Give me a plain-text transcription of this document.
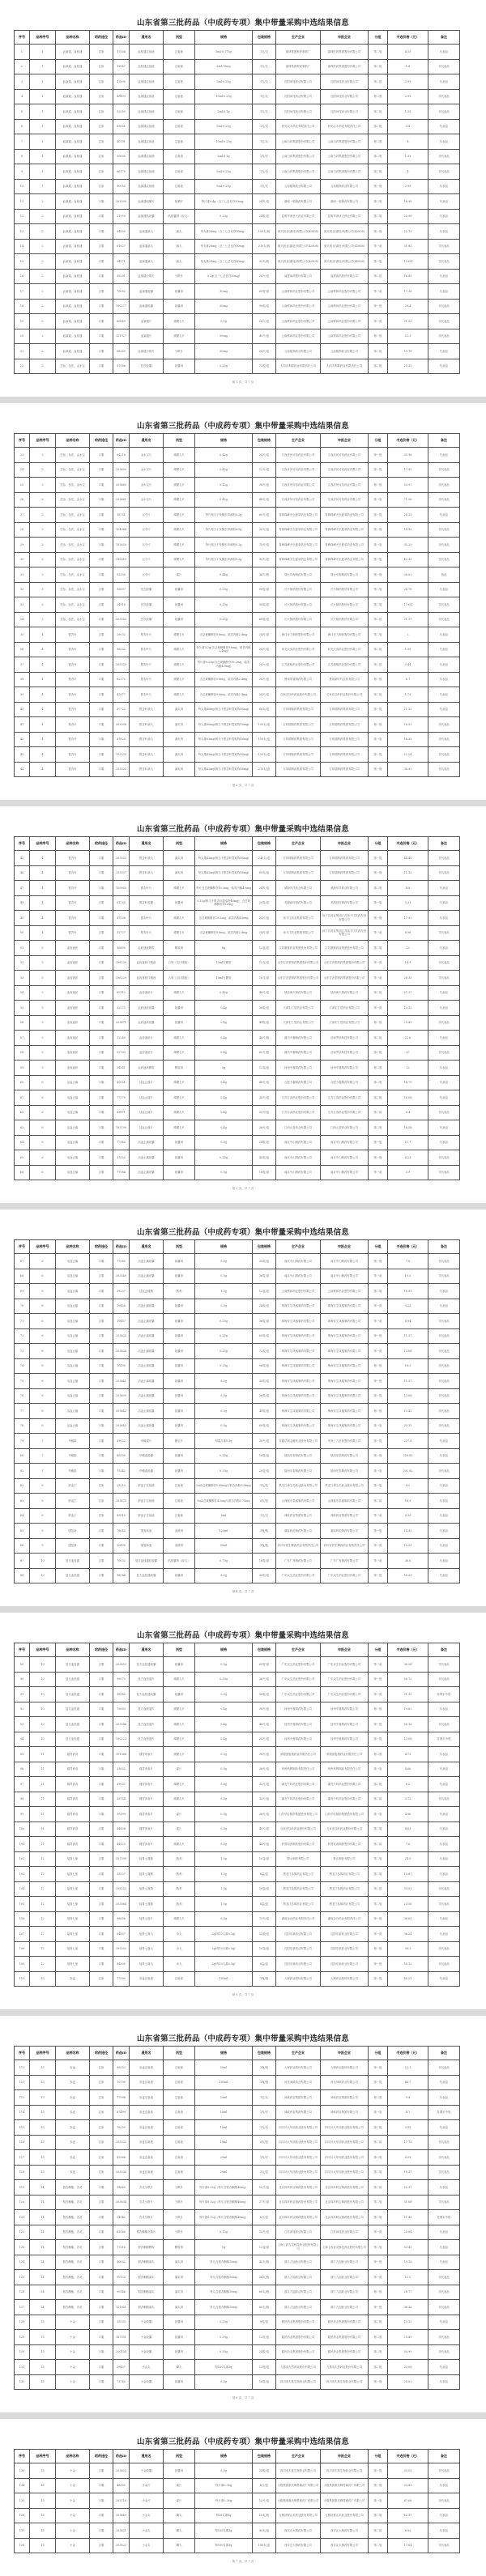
山东省第三批药品（中成药专项）集中带量采购中选结果信息
序号	品种序号	品种名称	给药途径	药品ID	通用名	剂型	规格	包装规格	生产企业	申报企业	分组	中选价格（元）	备注
1	1	血塞通、血栓通	注射	17504	血栓通注射液	注射液	5ml:0.175g	1支/支	丽珠集团利民制药厂	丽珠医药集团股份有限公司	第二组	4.15	代表品
2	1	血塞通、血栓通	注射	19047	血栓通注射液	注射液	2ml:70mg	1支/支	丽珠集团利民制药厂	丽珠医药集团股份有限公司	第二组	1.6	非代表品
3	1	血塞通、血栓通	注射	47895	血塞通注射液	注射液	5ml:0.25g	1支/支	沈阳神龙药业有限公司	沈阳神龙药业有限公司	第二组	2.99	代表品
4	1	血塞通、血栓通	注射	49499	血塞通注射液	注射液	10ml:0.25g	1支/支	沈阳神龙药业有限公司	沈阳神龙药业有限公司	第二组	2.99	非代表品
5	1	血塞通、血栓通	注射	52559	血塞通注射液	注射液	2ml:0.1g	1支/支	沈阳神龙药业有限公司	沈阳神龙药业有限公司	第二组	1.33	非代表品
6	1	血塞通、血栓通	注射	89651	血塞通注射液	注射液	5ml:0.25g	1支/支	西安汉丰药业有限责任公司	西安汉丰药业有限责任公司	第二组	3.4	代表品
7	1	血塞通、血栓通	注射	40191	血塞通注射液	注射液	10ml:0.25g	1支/支	云南白药集团股份有限公司	云南白药集团股份有限公司	第二组	4	代表品
8	1	血塞通、血栓通	注射	50695	血塞通注射液	注射液	2ml:0.1g	1支/支	云南白药集团股份有限公司	云南白药集团股份有限公司	第二组	1.33	非代表品
9	1	血塞通、血栓通	注射	66170	血塞通注射液	注射液	5ml:0.25g	1支/支	云南白药集团股份有限公司	云南白药集团股份有限公司	第二组	4	非代表品
10	1	血塞通、血栓通	注射	90053	血塞通注射液	注射液	5ml:0.25g	1支/支	云南植物药业有限公司	云南植物药业有限公司	第一组	2.99	代表品
11	2	血塞通、血栓通	口服	203599	血塞通咀嚼片	咀嚼片	每片重0.4g（含三七总皂苷50mg）	24片/盒	湖南一格制药有限公司	湖南一格制药有限公司	第二组	16.98	代表品
12	2	血塞通、血栓通	口服	21959	血塞通软胶囊	软胶囊剂（胶丸）	0.33g	24粒/盒	昆明华润圣火药业有限公司	昆明华润圣火药业有限公司	第二组	25.98	代表品
13	2	血塞通、血栓通	口服	94509	血塞通滴丸	滴丸	每丸重28mg（含三七总皂苷10mg）	150丸/瓶	朗天药业(湖北)有限公司(42808)	朗天药业(湖北)有限公司(42808)	第一组	22.73	代表品
14	2	血塞通、血栓通	口服	61627	血塞通滴丸	滴丸	每丸重28mg（含三七总皂苷10mg）	210丸/瓶	朗天药业(湖北)有限公司(42808)	朗天药业(湖北)有限公司(42808)	第一组	31.82	非代表品
15	2	血塞通、血栓通	口服	94571	血塞通滴丸	滴丸	每丸重28mg（含三七总皂苷10mg）	90丸/瓶	朗天药业(湖北)有限公司(42808)	朗天药业(湖北)有限公司(42808)	第一组	13.64	非代表品
16	2	血塞通、血栓通	口服	99291	血塞通分散片	分散片	0.2g(含三七总皂苷50mg)	24片/盒	福建南药股份有限公司	福建南药股份有限公司	第二组	16.85	代表品
17	2	血塞通、血栓通	口服	79052	血塞通胶囊	胶囊剂	10mg	60粒/盒	云南维和药业股份有限公司	云南维和药业股份有限公司	第一组	17.38	代表品
18	2	血塞通、血栓通	口服	190277	血塞通胶囊	胶囊剂	50mg	90粒/盒	云南维和药业股份有限公司	云南维和药业股份有限公司	第一组	28.4	非代表品
19	2	血塞通、血栓通	口服	60649	血塞通片	薄膜衣片	0.1g	24片/盒	云南维和药业股份有限公司	云南维和药业股份有限公司	第一组	21.29	非代表品
20	2	血塞通、血栓通	口服	131927	血塞通片	薄膜衣片	50mg	40片/盒	云南维和药业股份有限公司	云南维和药业股份有限公司	第一组	21.3	非代表品
21	2	血塞通、血栓通	口服	68259	血塞通分散片	分散片	50mg	24片/盒	云南植物药业有限公司	云南植物药业有限公司	第二组	19.78	代表品
22	3	芪参、参芪、金水宝	口服	97086	芪芪胶囊	胶囊剂	0.25g	72粒/盒	大同市利群药业有限责任公司	大同市利群药业有限责任公司	第二组	25.33	代表品
第 1 页，共 7 页
山东省第三批药品（中成药专项）集中带量采购中选结果信息
序号	品种序号	品种名称	给药途径	药品ID	通用名	剂型	规格	包装规格	生产企业	申报企业	分组	中选价格（元）	备注
23	3	芪参、参芪、金水宝	口服	84218	金水宝片	薄膜衣片	0.42g	24片/盒	江西济民可信药业有限公司	江西济民可信药业有限公司	第一组	35.98	代表品
24	3	芪参、参芪、金水宝	口服	203659	金水宝片	薄膜衣片	0.42g	12片/盒	江西济民可信药业有限公司	江西济民可信药业有限公司	第一组	17.99	非代表品
25	3	芪参、参芪、金水宝	口服	203660	金水宝片	薄膜衣片	0.42g	36片/盒	江西济民可信药业有限公司	江西济民可信药业有限公司	第一组	53.97	非代表品
26	3	芪参、参芪、金水宝	口服	203661	金水宝片	薄膜衣片	0.42g	48片/盒	江西济民可信药业有限公司	江西济民可信药业有限公司	第一组	71.96	非代表品
27	3	芪参、参芪、金水宝	口服	18751	百令片	薄膜衣片	每片相当于发酵虫草菌粉0.2g	60片/盒	青海珠峰冬虫夏草药业有限公司	青海珠峰冬虫夏草药业有限公司	第一组	28.23	代表品
28	3	芪参、参芪、金水宝	口服	104364	百令片	薄膜衣片	每片相当于发酵虫草菌粉0.2g	30片/盒	青海珠峰冬虫夏草药业有限公司	青海珠峰冬虫夏草药业有限公司	第一组	14.12	非代表品
29	3	芪参、参芪、金水宝	口服	192659	百令片	薄膜衣片	每片相当于发酵虫草菌粉0.2g	75片/盒	青海珠峰冬虫夏草药业有限公司	青海珠峰冬虫夏草药业有限公司	第一组	35.29	非代表品
30	3	芪参、参芪、金水宝	口服	193013	百令片	薄膜衣片	每片相当于发酵虫草菌粉0.2g	90片/盒	青海珠峰冬虫夏草药业有限公司	青海珠峰冬虫夏草药业有限公司	第一组	42.35	非代表品
31	3	芪参、参芪、金水宝	口服	92500	百令片	素片	0.44g	36片/瓶	烟台华海制药有限公司	烟台华海制药有限公司	第一组	26.02	备选
32	3	芪参、参芪、金水宝	口服	95697	芪芪胶囊	胶囊剂	0.25g	50粒/盒	长兴制药股份有限公司	长兴制药股份有限公司	第二组	24.76	代表品
33	3	芪参、参芪、金水宝	口服	24918	芪芪胶囊	胶囊剂	0.25g	50粒/盒	长兴制药股份有限公司	长兴制药股份有限公司	第二组	17.64	非代表品
34	3	芪参、参芪、金水宝	口服	203553	芪芪胶囊	胶囊剂	0.25g	60粒/盒	长兴制药股份有限公司	长兴制药股份有限公司	第二组	21.17	非代表品
35	4	银杏叶	口服	29032	银杏叶片	薄膜衣片	含总黄酮醇苷9.6mg、萜类内酯2.4mg	24片/盒	海口市力制药股份有限公司	海口市力制药股份有限公司	第二组	2	代表品
36	4	银杏叶	口服	56232	银杏叶片	薄膜衣片	每片重0.2g(含总黄酮醇苷9.6mg、萜类内酯2.4mg)	24片/盒	河北天成药业股份有限公司	河北天成药业股份有限公司	第二组	1.99	代表品
37	4	银杏叶	口服	205520	银杏叶片	薄膜衣片	每片重0.25g(含总黄酮醇苷19.2mg、萜类内酯4.8mg)	24片/盒	江苏康缘药业股份有限公司	江苏康缘药业股份有限公司	第二组	2.44	代表品
38	4	银杏叶	口服	62372	银杏叶片	薄膜衣片	含总黄酮醇苷9.6mg、萜类内酯2.4mg	24片/盒	鲁南厚普制药有限公司	鲁南新时代医药有限公司	第一组	6.7	代表品
39	4	银杏叶	口服	47077	银杏叶片	薄膜衣片	含总黄酮醇苷9.6mg、萜类内酯2.4mg	24片/盒	石家庄以岭药业股份有限公司	石家庄以岭药业股份有限公司	第二组	1.73	代表品
40	4	银杏叶	口服	37722	银杏叶滴丸	滴丸剂	每丸重60mg(相当于银杏叶提取物16mg)	60丸/盒	万邦德制药集团有限公司	万邦德制药集团有限公司	第一组	11.12	代表品
41	4	银杏叶	口服	203098	银杏叶滴丸	滴丸剂	每丸重60mg(相当于银杏叶提取物16mg)	150丸/盒	万邦德制药集团有限公司	万邦德制药集团有限公司	第一组	16.53	非代表品
42	4	银杏叶	口服	37820	银杏叶滴丸	滴丸剂	每丸重63mg(相当于银杏叶提取物16mg)	150丸/盒	万邦德制药集团有限公司	万邦德制药集团有限公司	第一组	16.53	非代表品
43	4	银杏叶	口服	192530	银杏叶滴丸	滴丸剂	每丸重63mg(相当于银杏叶提取物16mg)	120丸/盒	万邦德制药集团有限公司	万邦德制药集团有限公司	第一组	22.24	非代表品
44	4	银杏叶	口服	203502	银杏叶滴丸	滴丸剂	每丸重63mg(相当于银杏叶提取物16mg)	210丸/盒	万邦德制药集团有限公司	万邦德制药集团有限公司	第一组	38.92	非代表品
第 2 页，共 7 页
山东省第三批药品（中成药专项）集中带量采购中选结果信息
序号	品种序号	品种名称	给药途径	药品ID	通用名	剂型	规格	包装规格	生产企业	申报企业	分组	中选价格（元）	备注
45	4	银杏叶	口服	203503	银杏叶滴丸	滴丸剂	每丸重63mg(相当于银杏叶提取物16mg)	240丸/盒	万邦德制药集团有限公司	万邦德制药集团有限公司	第一组	44.48	非代表品
46	4	银杏叶	口服	203507	银杏叶滴丸	滴丸剂	每丸重63mg(相当于银杏叶提取物16mg)	60丸/盒	万邦德制药集团有限公司	万邦德制药集团有限公司	第一组	11.12	非代表品
47	4	银杏叶	口服	109955	银杏叶片	薄膜衣片	每片含总黄酮醇苷19.2mg、萜类内酯4.8mg	24片/盒	威海华洋药业有限公司	威海华洋药业有限公司	第二组	4.8	代表品
48	4	银杏叶	口服	81765	银杏叶胶囊	胶囊剂	0.12g(相当于银杏叶提取物40mg)，含总黄酮醇苷19.2mg	20粒/盒	芜湖绿叶制药有限公司	芜湖绿叶制药有限公司	第一组	5.31	代表品
49	4	银杏叶	口服	37538	银杏叶片	薄膜衣片	含总黄酮醇苷19.2mg、萜类内酯4.8mg	24片/盒	扬子江药业集团有限公司	扬子江药业集团江苏扬子江医药经营有限公司	第一组	17.92	代表品
50	4	银杏叶	口服	32727	银杏叶片	薄膜衣片	含总黄酮醇苷9.6mg、萜类内酯2.4mg	24片/盒	扬子江药业集团有限公司	扬子江药业集团江苏扬子江医药经营有限公司	第一组	8.96	非代表品
51	5	血府逐瘀	口服	16895	血府逐瘀颗粒	颗粒剂	6g	12袋/盒	江苏康缘药业集团股份有限公司	江苏康缘药业集团股份有限公司	第二组	23	代表品
52	5	血府逐瘀	口服	196239	血府逐瘀口服液	合剂（含口服液）	10ml无糖型	12支/盒	山东宏济堂制药集团股份有限公司	山东宏济堂制药集团股份有限公司	第一组	14.9	非代表品
53	5	血府逐瘀	口服	196229	血府逐瘀口服液	合剂（含口服液）	10ml无糖型	18支/盒	山东宏济堂制药集团股份有限公司	山东宏济堂制药集团股份有限公司	第一组	28.35	非代表品
54	5	血府逐瘀	口服	65112	血府逐瘀片	薄膜衣片	0.42g	48片/盒	陕西海天制药有限公司	陕西海天制药有限公司	第二组	27.27	代表品
55	5	血府逐瘀	口服	32272	血府逐瘀胶囊	胶囊剂	0.4g	36粒/盒	天津宏仁堂药业有限公司	天津宏仁堂药业有限公司	第一组	19.12	代表品
56	5	血府逐瘀	口服	203871	血府逐瘀胶囊	胶囊剂	0.4g	48粒/盒	天津宏仁堂药业有限公司	天津宏仁堂药业有限公司	第一组	25.49	非代表品
57	5	血府逐瘀	口服	32249	血府逐瘀片	薄膜衣片	0.4g	48片/瓶	潍坊中狮制药有限公司	济南罗欣科技有限公司	第二组	21.6	代表品
58	5	血府逐瘀	口服	92709	血府逐瘀片	薄膜衣片	0.4g	60片/瓶	潍坊中狮制药有限公司	济南罗欣科技有限公司	第二组	27	非代表品
59	5	血府逐瘀	口服	34241	血府逐瘀颗粒	颗粒剂	5g	12袋/盒	扬州中惠制药有限公司	扬州中惠制药有限公司	第二组	22	代表品
60	6	活血止痛	口服	80051	活血止痛片	薄膜衣片	0.4g	48片/盒	合肥今越制药有限公司	合肥今越制药有限公司	第二组	14.79	代表品
61	6	活血止痛	口服	77379	活血止痛片	薄膜衣片	0.4g	36片/盒	江苏万高药业股份有限公司	江苏万高药业股份有限公司	第二组	16.08	代表品
62	6	活血止痛	口服	38071	活血止痛片	薄膜衣片	0.4g	20片/盒	江苏万高药业股份有限公司	江苏万高药业股份有限公司	第二组	8.4	非代表品
63	6	活血止痛	口服	193799	活血止痛片	薄膜衣片	0.4g	36片/盒	江西山香药业有限公司	江西山香药业有限公司	第二组	16.58	代表品
64	6	活血止痛	口服	77143	活血止痛胶囊	胶囊剂	0.5g	24粒/盒	南京中山制药有限公司	南京中山制药有限公司	第一组	11.7	代表品
65	6	活血止痛	口服	37053	活血止痛胶囊	胶囊剂	0.25g	40粒/盒	南京中山制药有限公司	南京中山制药有限公司	第一组	6.23	非代表品
66	6	活血止痛	口服	77584	活血止痛胶囊	胶囊剂	0.5g	18粒/盒	南京中山制药有限公司	南京中山制药有限公司	第一组	3.9	非代表品
第 3 页，共 7 页
山东省第三批药品（中成药专项）集中带量采购中选结果信息
序号	品种序号	品种名称	给药途径	药品ID	通用名	剂型	规格	包装规格	生产企业	申报企业	分组	中选价格（元）	备注
67	6	活血止痛	口服	77585	活血止痛胶囊	胶囊剂	0.5g	30粒/盒	南京中山制药有限公司	南京中山制药有限公司	第一组	7.8	非代表品
68	6	活血止痛	口服	203549	活血止痛胶囊	胶囊剂	0.5g	36粒/盒	南京中山制药有限公司	南京中山制药有限公司	第一组	19.5	非代表品
69	6	活血止痛	口服	39207	活血止痛散	散剂	1.5g	12袋/盒	云南维和药业股份有限公司	云南维和药业股份有限公司	第二组	16.03	代表品
70	6	活血止痛	口服	19456	活血止痛胶囊	胶囊剂	0.5g	24粒/盒	珠海安生凤凰制药有限公司	珠海安生凤凰制药有限公司	第一组	9.25	代表品
71	6	活血止痛	口服	19457	活血止痛胶囊	胶囊剂	0.25g	36粒/盒	珠海安生凤凰制药有限公司	珠海安生凤凰制药有限公司	第一组	6.94	非代表品
72	6	活血止痛	口服	203635	活血止痛胶囊	胶囊剂	0.25g	60粒/盒	珠海安生凤凰制药有限公司	珠海安生凤凰制药有限公司	第一组	11.57	非代表品
73	6	活血止痛	口服	203636	活血止痛胶囊	胶囊剂	0.25g	72粒/盒	珠海安生凤凰制药有限公司	珠海安生凤凰制药有限公司	第一组	13.88	非代表品
74	6	活血止痛	口服	19490	活血止痛胶囊	胶囊剂	0.25g	96粒/盒	珠海安生凤凰制药有限公司	珠海安生凤凰制药有限公司	第一组	18.5	非代表品
75	6	活血止痛	口服	203641	活血止痛胶囊	胶囊剂	0.5g	30粒/盒	珠海安生凤凰制药有限公司	珠海安生凤凰制药有限公司	第一组	11.57	非代表品
76	6	活血止痛	口服	203639	活血止痛胶囊	胶囊剂	0.5g	36粒/盒	珠海安生凤凰制药有限公司	珠海安生凤凰制药有限公司	第一组	13.88	非代表品
77	6	活血止痛	口服	203642	活血止痛胶囊	胶囊剂	0.5g	40粒/盒	珠海安生凤凰制药有限公司	珠海安生凤凰制药有限公司	第一组	15.42	非代表品
78	6	活血止痛	口服	203643	活血止痛胶囊	胶囊剂	0.5g	60粒/盒	珠海安生凤凰制药有限公司	珠海安生凤凰制药有限公司	第一组	23.13	非代表品
79	7	华蟾素	口服	39032	华蟾素片	糖衣片	每素片重0.3g	30片/盒	安徽华润金蟾药业股份有限公司	华润三九医药股份有限公司	第一组	237.8	代表品
80	7	华蟾素	口服	80590	华蟾素胶囊	胶囊剂	0.25g	18粒/盒	陕西东泰制药有限公司	陕西东泰制药有限公司	第一组	228.83	代表品
81	7	华蟾素	口服	75542	华蟾素胶囊	胶囊剂	0.25g	20粒/盒	陕西东泰制药有限公司	陕西东泰制药有限公司	第一组	292.02	非代表品
82	8	舒血宁	注射	23213	舒血宁注射液	注射液	2ml:总黄酮醇苷1.68mg与银杏内酯0.28mg	1支/支	黑龙江珍宝岛药业股份有限公司	黑龙江珍宝岛药业股份有限公司	第一组	4.5	代表品
83	8	舒血宁	注射	203675	舒血宁注射液	注射液	5ml:总黄酮醇苷4.2mg与银杏内酯0.70mg	5支/盒	山西振东泰盛制药有限公司	山西振东泰盛制药有限公司	第二组	16.9	代表品
84	8	舒血宁	注射	85510	舒血宁注射液	注射液	5ml	1支/支	神威药业集团有限公司	神威药业集团有限公司	第一组	9.35	代表品
85	9	康复新	口服	78043	康复新液	溶液剂	120ml	1瓶/瓶	湖南科伦制药有限公司	湖南科伦制药有限公司	第一组	14.95	代表品
86	9	康复新	口服	20490	康复新液	溶液剂	50ml	1瓶/瓶	四川好医生攀西药业有限责任公司	四川好医生攀西药业有限责任公司	第一组	15.23	代表品
87	10	复方血栓通	口服	79032	复方血栓通软胶囊	软胶囊剂（胶丸）	0.75g	18粒/盒	广东广发制药有限公司	广东广发制药有限公司	第一组	36.6	代表品
88	10	复方血栓通	口服	98084	复方血栓通胶囊	胶囊剂	0.5g	30粒/盒	广东众生药业股份有限公司	广东众生药业股份有限公司	第一组	18.29	代表品
第 4 页，共 7 页
山东省第三批药品（中成药专项）集中带量采购中选结果信息
序号	品种序号	品种名称	给药途径	药品ID	通用名	剂型	规格	包装规格	生产企业	申报企业	分组	中选价格（元）	备注
89	10	复方血栓通	口服	203652	复方血栓通胶囊	胶囊剂	0.5g	60粒/盒	广东众生药业股份有限公司	广东众生药业股份有限公司	第一组	36.58	非代表品
90	10	复方血栓通	口服	99973	复方血栓通片	薄膜衣片	0.35g	36片/盒	广东众生药业股份有限公司	广东众生药业股份有限公司	第一组	26.72	非代表品
91	10	复方血栓通	口服	98085	复方血栓通胶囊	胶囊剂	0.5g	36粒/盒	广东众生药业股份有限公司	广东众生药业股份有限公司	第一组	21.95	挂网未中报
92	10	复方血栓通	口服	75603	复方血栓通片	薄膜衣片	0.4g	36片/盒	扬州中惠制药有限公司	扬州中惠制药有限公司	第一组	19.62	代表品
93	10	复方血栓通	口服	203584	复方血栓通片	薄膜衣片	0.4g	48片/盒	扬州中惠制药有限公司	扬州中惠制药有限公司	第一组	26.16	非代表品
94	10	复方血栓通	口服	190223	复方血栓通片	薄膜衣片	0.4g	24片/盒	扬州中惠制药有限公司	扬州中惠制药有限公司	第一组	13.08	挂网未中报
95	11	健胃消食	口服	191364	健胃消食片	薄膜衣片	0.5g	36片/盒	承德颈复康药业有限责任公司	承德颈复康药业有限责任公司	第二组	4.73	代表品
96	11	健胃消食	口服	33652	健胃消食片	素片	0.5g	36片/盒	贵州科辉制药有限责任公司	贵州科辉制药有限责任公司	第一组	4.66	代表品
97	11	健胃消食	口服	39037	健胃消食片	薄膜衣片	0.8g	32片/盒	湖北午时药业股份有限公司	湖北午时药业股份有限公司	第二组	6.2	代表品
98	11	健胃消食	口服	39754	健胃消食片	薄膜衣片	0.5g	32片/盒	湖北午时药业股份有限公司	湖北午时药业股份有限公司	第二组	3.72	非代表品
99	11	健胃消食	口服	39199	健胃消食片	素片	0.5g	36片/盒	山东华信制药集团股份有限公司	山东华信制药集团股份有限公司	第一组	4.96	代表品
100	11	健胃消食	口服	44408	健胃消食片	素片	0.5g	40片/盒	石家庄以岭药业股份有限公司	石家庄以岭药业股份有限公司	第二组	4.63	代表品
101	11	健胃消食	口服	44123	健胃消食片	薄膜衣片	0.5g	44片/盒	仲景宛西制药股份有限公司	仲景宛西制药股份有限公司	第二组	7.6	代表品
102	12	接骨七厘	口服	107399	接骨七厘散	散剂	1.5g	10袋/盒	鞍山制药有限公司	鞍山制药有限公司	第二组	24.9	代表品
103	12	接骨七厘	口服	35537	接骨七厘散	散剂	1.5g	6袋/盒	黑龙江参鸽药业有限公司	黑龙江参鸽药业有限公司	第二组	15.67	代表品
104	12	接骨七厘	口服	198253	接骨七厘散	散剂	1.5g	18袋/盒	黑龙江参鸽药业有限公司	黑龙江参鸽药业有限公司	第二组	53.01	非代表品
105	12	接骨七厘	口服	203564	接骨七厘散	散剂	1.5g	8袋/盒	黑龙江参鸽药业有限公司	黑龙江参鸽药业有限公司	第二组	23.56	非代表品
106	12	接骨七厘	口服	96656	接骨七厘片	薄膜衣片	0.3g	75片/盒	湖南金沙药业有限责任公司	湖南金沙药业有限责任公司	第一组	38.65	代表品
107	12	接骨七厘	口服	84807	接骨七厘丸	水丸	2g(每10丸重0.5g)	12袋/盒	沈阳东新药业有限公司	沈阳东新药业有限公司	第一组	36.24	代表品
108	12	接骨七厘	口服	195202	接骨七厘丸	水丸	2g(每10丸重0.5g)	10袋/盒	沈阳东新药业有限公司	沈阳东新药业有限公司	第一组	30.2	非代表品
109	12	接骨七厘	口服	84805	接骨七厘丸	水丸	2g(每10丸重0.5g)	6袋/盒	沈阳东新药业有限公司	沈阳东新药业有限公司	第一组	18.12	非代表品
110	13	参麦	注射	77300	参麦注射液	注射液	100ml	1瓶/瓶	大理药业股份有限公司	大理药业股份有限公司	第一组	46.21	代表品
第 5 页，共 7 页
山东省第三批药品（中成药专项）集中带量采购中选结果信息
序号	品种序号	品种名称	给药途径	药品ID	通用名	剂型	规格	包装规格	生产企业	申报企业	分组	中选价格（元）	备注
111	13	参麦	注射	98353	参麦注射液	注射液	50ml	1瓶/瓶	大理药业股份有限公司	大理药业股份有限公司	第一组	23.1	非代表品
112	13	参麦	注射	70790	参麦注射液	注射液	100ml	1瓶/瓶	河北神威药业有限公司	河北神威药业有限公司	第一组	46.7	代表品
113	13	参麦	注射	77994	参麦注射液	注射液	20ml	1支/支	神威药业集团有限公司	神威药业集团有限公司	第二组	9.4	代表品
114	13	参麦	注射	87499	参麦注射液	注射液	10ml	1支/支	神威药业集团有限公司	神威药业集团有限公司	第一组	4.7	挂网未中报
115	13	参麦	注射	78259	参麦注射液	注射液	10ml	1支/支	四川川大华西药业股份有限公司	四川川大华西药业股份有限公司	第二组	3.55	代表品
116	13	参麦	注射	205532	参麦注射液	注射液	10ml	5支/盒	四川川大华西药业股份有限公司	四川川大华西药业股份有限公司	第二组	17.75	非代表品
117	13	参麦	注射	85966	参麦注射液	注射液	20ml	1支/支	四川川大华西药业股份有限公司	四川川大华西药业股份有限公司	第二组	6.09	非代表品
118	13	参麦	注射	205536	参麦注射液	注射液	20ml	3支/盒	四川川大华西药业股份有限公司	四川川大华西药业股份有限公司	第二组	18.27	非代表品
119	14	银杏酮酯、杏灵	口服	98660	杏灵分散片	分散片	每片重0.32g（每片含银杏酮酯40mg）	12片/盒	北京四环科宝制药股份有限公司	北京四环科宝制药股份有限公司	第二组	22.97	代表品
120	14	银杏酮酯、杏灵	口服	203634	杏灵分散片	分散片	每片重0.32g（每片含银杏酮酯40mg）	27片/盒	北京四环科宝制药股份有限公司	北京四环科宝制药股份有限公司	第二组	51.68	非代表品
121	14	银杏酮酯、杏灵	口服	54542	杏灵分散片	分散片	每片重0.32g（每片含银杏酮酯40mg）	6片/盒	北京四环科宝制药股份有限公司	北京四环科宝制药股份有限公司	第二组	11.48	挂网未中报
122	14	银杏酮酯、杏灵	口服	65080	银杏酮酯分散片	分散片	0.15g	15片/盒	江苏神龙药业有限公司	江苏神龙药业有限公司	第一组	25.84	代表品
123	14	银杏酮酯、杏灵	口服	77216	银杏酮酯颗粒	颗粒剂	1g	12袋/盒	上海上药杏灵科技药业股份有限公司	上海上药杏灵科技药业股份有限公司	第二组	33.45	代表品
124	14	银杏酮酯、杏灵	口服	96002	银杏酮酯滴丸	滴丸剂	每丸含银杏酮酯10mg	40丸/瓶	浙江九旭药业有限公司	浙江九旭药业有限公司	第一组	19.18	代表品
125	14	银杏酮酯、杏灵	口服	99133	银杏酮酯滴丸	滴丸剂	每丸含银杏酮酯10mg	24丸/瓶	浙江九旭药业有限公司	浙江九旭药业有限公司	第一组	11.5	非代表品
126	14	银杏酮酯、杏灵	口服	99146	银杏酮酯滴丸	滴丸剂	每丸含银杏酮酯10mg	60丸/瓶	浙江九旭药业有限公司	浙江九旭药业有限公司	第一组	28.77	非代表品
127	14	银杏酮酯、杏灵	口服	151001	银杏酮酯滴丸	滴丸剂	每丸含银杏酮酯10mg	80丸/瓶	浙江九旭药业有限公司	浙江九旭药业有限公司	第一组	38.36	非代表品
128	15	小金	口服	35533	小金胶囊	胶囊剂	0.35g	9粒/盒	健民药业集团股份有限公司	健民药业集团股份有限公司	第二组	19.12	代表品
129	15	小金	口服	187501	小金胶囊	胶囊剂	0.35g	12粒/盒	健民药业集团股份有限公司	健民药业集团股份有限公司	第二组	25.49	非代表品
130	15	小金	口服	200104	小金胶囊	胶囊剂	0.35g	24粒/盒	健民药业集团股份有限公司	健民药业集团股份有限公司	第二组	50.99	非代表品
131	15	小金	口服	39407	小金丸	糊丸	每100丸重3g	12瓶/盒	九寨沟天然药业股份有限公司	九寨沟天然药业股份有限公司	第二组	23.88	代表品
132	15	小金	口服	71740	小金胶囊	胶囊剂	0.3g	16粒/盒	四川省天基生物药业有限公司	四川省天基生物药业有限公司	第一组	20.02	代表品
第 6 页，共 7 页
山东省第三批药品（中成药专项）集中带量采购中选结果信息
序号	品种序号	品种名称	给药途径	药品ID	通用名	剂型	规格	包装规格	生产企业	申报企业	分组	中选价格（元）	备注
133	15	小金	口服	203602	小金胶囊	胶囊剂	0.3g	24粒/盒	四川省天基生物药业有限公司	四川省天基生物药业有限公司	第一组	30.03	非代表品
134	15	小金	口服	46505	小金片	素片	每片重0.36g	6片/盒	太极集团重庆桐君阁药厂有限公司	太极集团重庆桐君阁药厂有限公司	第一组	33.83	代表品
135	15	小金	口服	203718	小金片	素片	每片重0.36g	12片/盒	太极集团重庆桐君阁药厂有限公司	太极集团重庆桐君阁药厂有限公司	第一组	67.66	非代表品
136	15	小金	口服	203649	小金丸	糊丸	每10丸重6g	10丸/瓶	无锡济煜山禾药业股份有限公司	无锡济煜山禾药业股份有限公司	第二组	62.17	代表品
137	15	小金	口服	203621	小金丸	糊丸	每100丸重3g	90丸/盒	西安正大制药有限公司	西安正大制药有限公司	第二组	8.92	代表品
138	15	小金	口服	203622	小金丸	糊丸	每100丸重3g	180丸/盒	西安正大制药有限公司	西安正大制药有限公司	第二组	17.84	非代表品
第 7 页，共 7 页
